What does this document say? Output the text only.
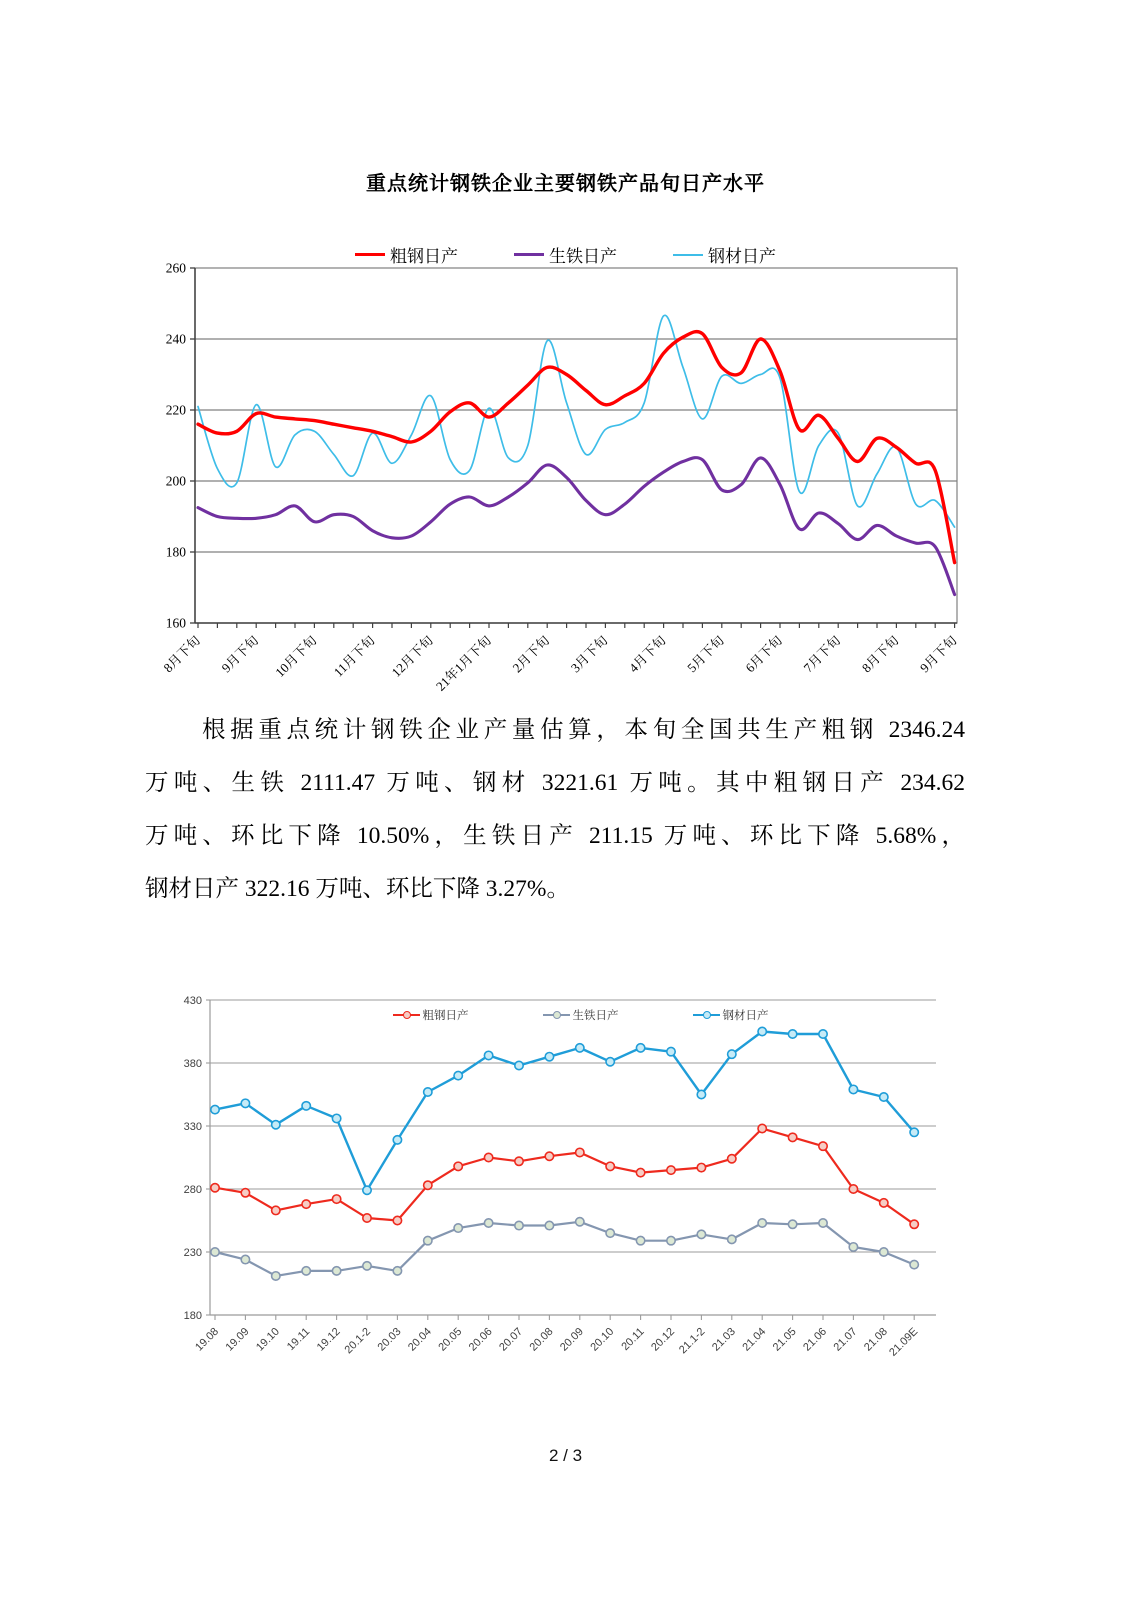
重点统计钢铁企业主要钢铁产品旬日产水平
粗钢日产	生铁日产	钢材日产
260
240
220
200
180
160
8月下旬 9月下旬 10月下旬 11月下旬 12月下旬
21年1月下旬 2月下旬 3月下旬 4月下旬 5月下旬 6月下旬 7月下旬 8月下旬 9月下旬
430
380
330
280
230
180
19.08 19.09 19.10 19.11 19.12 20.1-2 20.03 20.04 20.05 20.06 20.07 20.08 20.09 20.10 20.11 20.12 21.1-2 21.03 21.04 21.05 21.06 21.07 21.08
21.09E
根据重点统计钢铁企业产量估算，本旬全国共生产粗钢 2346.24
万吨、生铁 2111.47 万吨、钢材 3221.61 万吨。其中粗钢日产 234.62
万吨、环比下降 10.50%，生铁日产 211.15 万吨、环比下降 5.68%，
钢材日产 322.16 万吨、环比下降 3.27%。
粗钢日产	生铁日产	钢材日产
2 / 3
